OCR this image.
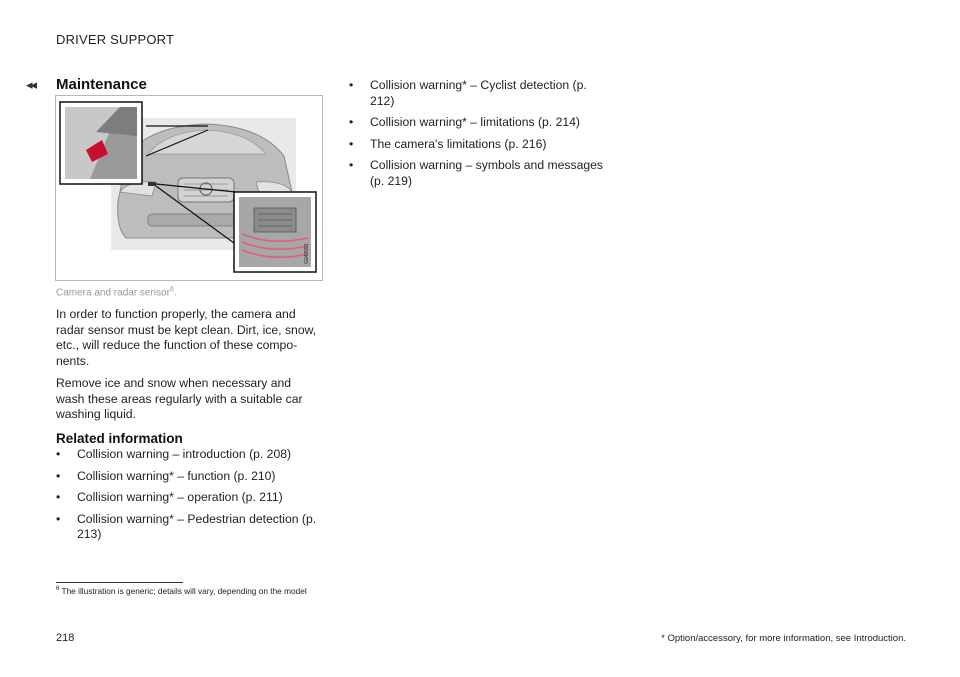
DRIVER SUPPORT
◂◂ Maintenance
G040591
Camera and radar sensor$^6$.

In order to function properly, the camera and radar sensor must be kept clean. Dirt, ice, snow, etc., will reduce the function of these components.

Remove ice and snow when necessary and wash these areas regularly with a suitable car washing liquid.

Related information
• Collision warning – introduction (p. 208)
• Collision warning* – function (p. 210)
• Collision warning* – operation (p. 211)
• Collision warning* – Pedestrian detection (p. 213)
• Collision warning* – Cyclist detection (p. 212)
• Collision warning* – limitations (p. 214)
• The camera's limitations (p. 216)
• Collision warning – symbols and messages (p. 219)
$^6$ The illustration is generic; details will vary, depending on the model
218	* Option/accessory, for more information, see Introduction.
